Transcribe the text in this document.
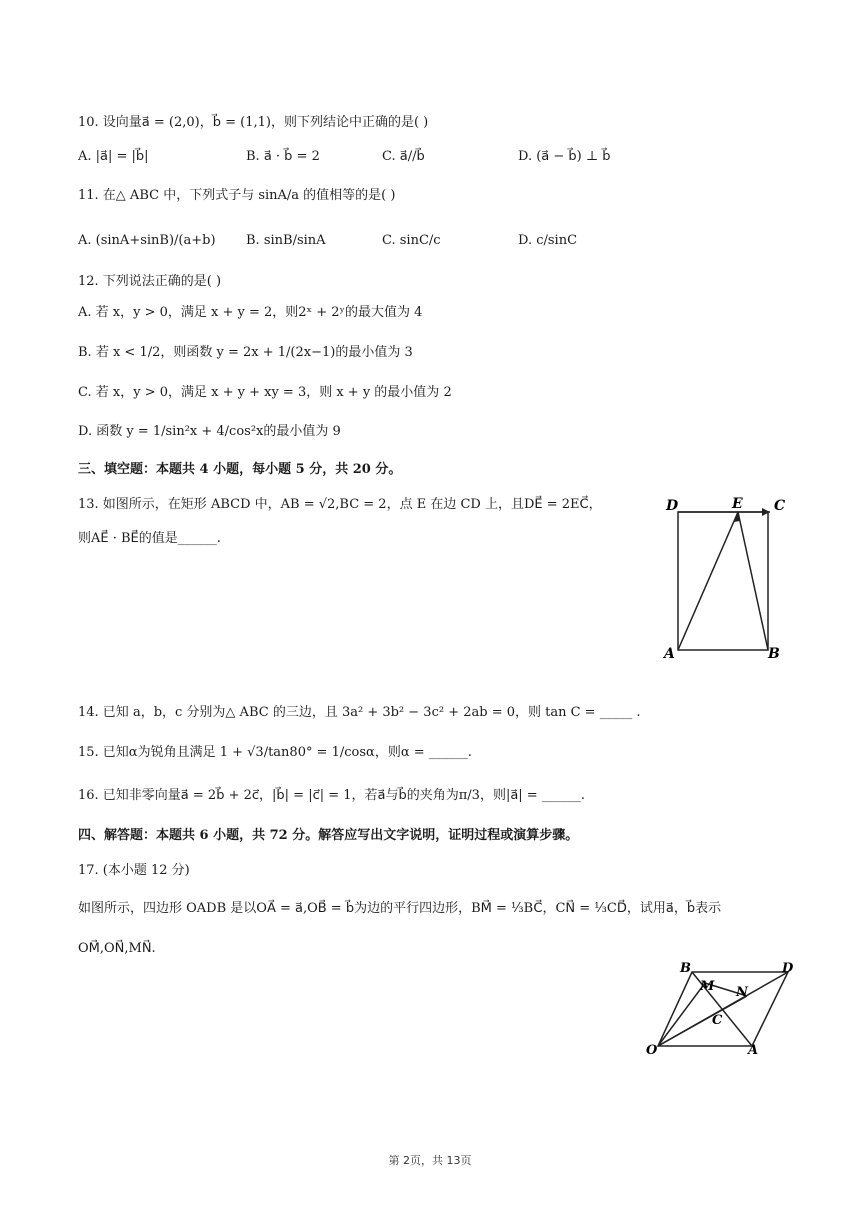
10. 设向量a⃗ = (2,0)，b⃗ = (1,1)，则下列结论中正确的是( )
A. |a⃗| = |b⃗|	B. a⃗ · b⃗ = 2	C. a⃗//b⃗	D. (a⃗ − b⃗) ⊥ b⃗
11. 在△ ABC 中，下列式子与 sinA/a 的值相等的是( )
A. (sinA+sinB)/(a+b) B. sinB/sinA	C. sinC/c	D. c/sinC
12. 下列说法正确的是( )
A. 若 x，y > 0，满足 x + y = 2，则2ˣ + 2ʸ的最大值为 4
B. 若 x < 1/2，则函数 y = 2x + 1/(2x−1)的最小值为 3
C. 若 x，y > 0，满足 x + y + xy = 3，则 x + y 的最小值为 2
D. 函数 y = 1/sin²x + 4/cos²x的最小值为 9
三、填空题：本题共 4 小题，每小题 5 分，共 20 分。
13. 如图所示，在矩形 ABCD 中，AB = √2,BC = 2，点 E 在边 CD 上，且DE⃗ = 2EC⃗，
则AE⃗ · BE⃗的值是______.
D	E C
A	B
14. 已知 a，b，c 分别为△ ABC 的三边，且 3a² + 3b² − 3c² + 2ab = 0，则 tan C = _____ .
15. 已知α为锐角且满足 1 + √3/tan80° = 1/cosα，则α = ______.
16. 已知非零向量a⃗ = 2b⃗ + 2c⃗，|b⃗| = |c⃗| = 1，若a⃗与b⃗的夹角为π/3，则|a⃗| = ______.
四、解答题：本题共 6 小题，共 72 分。解答应写出文字说明，证明过程或演算步骤。
17. (本小题 12 分)
如图所示，四边形 OADB 是以OA⃗ = a⃗,OB⃗ = b⃗为边的平行四边形，BM⃗ = ⅓BC⃗，CN⃗ = ⅓CD⃗，试用a⃗，b⃗表示
OM⃗,ON⃗,MN⃗.
B
M
D
N
C
O	A
第 2页，共 13页
